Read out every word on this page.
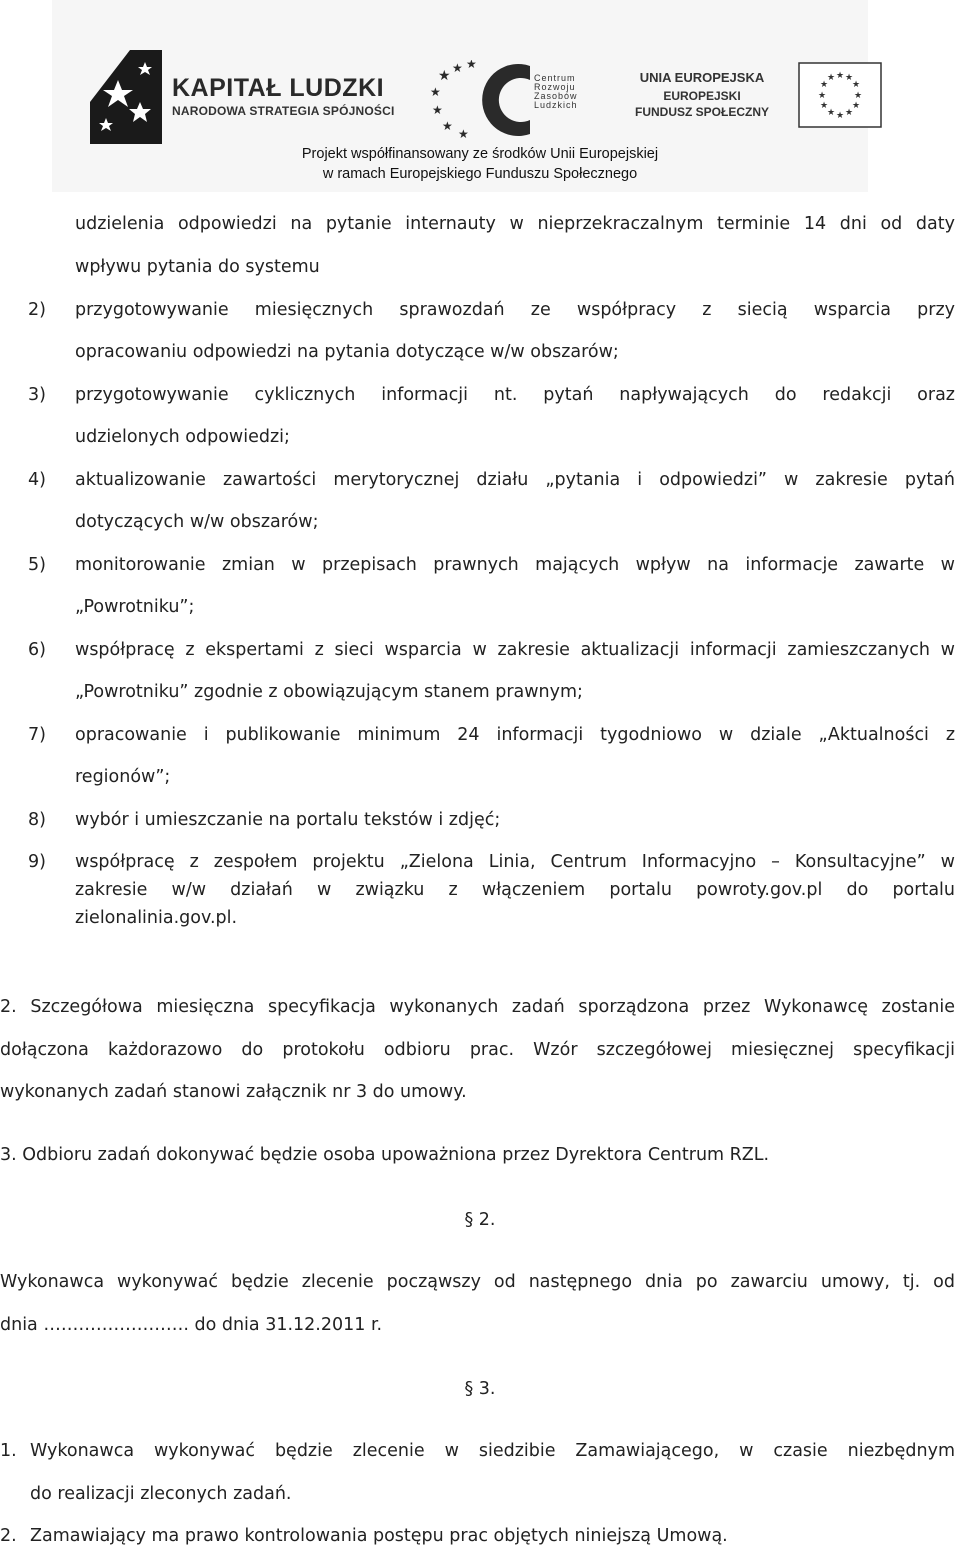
KAPITAŁ LUDZKI
NARODOWA STRATEGIA SPÓJNOŚCI
★ ★ ★
★
★
★
★
Centrum
Rozwoju
Zasobów
Ludzkich
UNIA EUROPEJSKA
EUROPEJSKI
FUNDUSZ SPOŁECZNY
★ ★
★
★
★
★
★
★
★
★
★
★
Projekt współfinansowany ze środków Unii Europejskiej
w ramach Europejskiego Funduszu Społecznego
udzielenia odpowiedzi na pytanie internauty w nieprzekraczalnym terminie 14 dni od daty
wpływu pytania do systemu
2) przygotowywanie miesięcznych sprawozdań ze współpracy z siecią wsparcia przy
opracowaniu odpowiedzi na pytania dotyczące w/w obszarów;
3) przygotowywanie cyklicznych informacji nt. pytań napływających do redakcji oraz
udzielonych odpowiedzi;
4) aktualizowanie zawartości merytorycznej działu „pytania i odpowiedzi” w zakresie pytań
dotyczących w/w obszarów;
5) monitorowanie zmian w przepisach prawnych mających wpływ na informacje zawarte w
„Powrotniku”;
6) współpracę z ekspertami z sieci wsparcia w zakresie aktualizacji informacji zamieszczanych w
„Powrotniku” zgodnie z obowiązującym stanem prawnym;
7) opracowanie i publikowanie minimum 24 informacji tygodniowo w dziale „Aktualności z
regionów”;
8) wybór i umieszczanie na portalu tekstów i zdjęć;
9) współpracę z zespołem projektu „Zielona Linia, Centrum Informacyjno – Konsultacyjne” w
zakresie w/w działań w związku z włączeniem portalu powroty.gov.pl do portalu
zielonalinia.gov.pl.
2. Szczegółowa miesięczna specyfikacja wykonanych zadań sporządzona przez Wykonawcę zostanie
dołączona każdorazowo do protokołu odbioru prac. Wzór szczegółowej miesięcznej specyfikacji
wykonanych zadań stanowi załącznik nr 3 do umowy.
3. Odbioru zadań dokonywać będzie osoba upoważniona przez Dyrektora Centrum RZL.
§ 2.
Wykonawca wykonywać będzie zlecenie począwszy od następnego dnia po zawarciu umowy, tj. od
dnia ……………………. do dnia 31.12.2011 r.
§ 3.
1. Wykonawca wykonywać będzie zlecenie w siedzibie Zamawiającego, w czasie niezbędnym
do realizacji zleconych zadań.
2. Zamawiający ma prawo kontrolowania postępu prac objętych niniejszą Umową.
